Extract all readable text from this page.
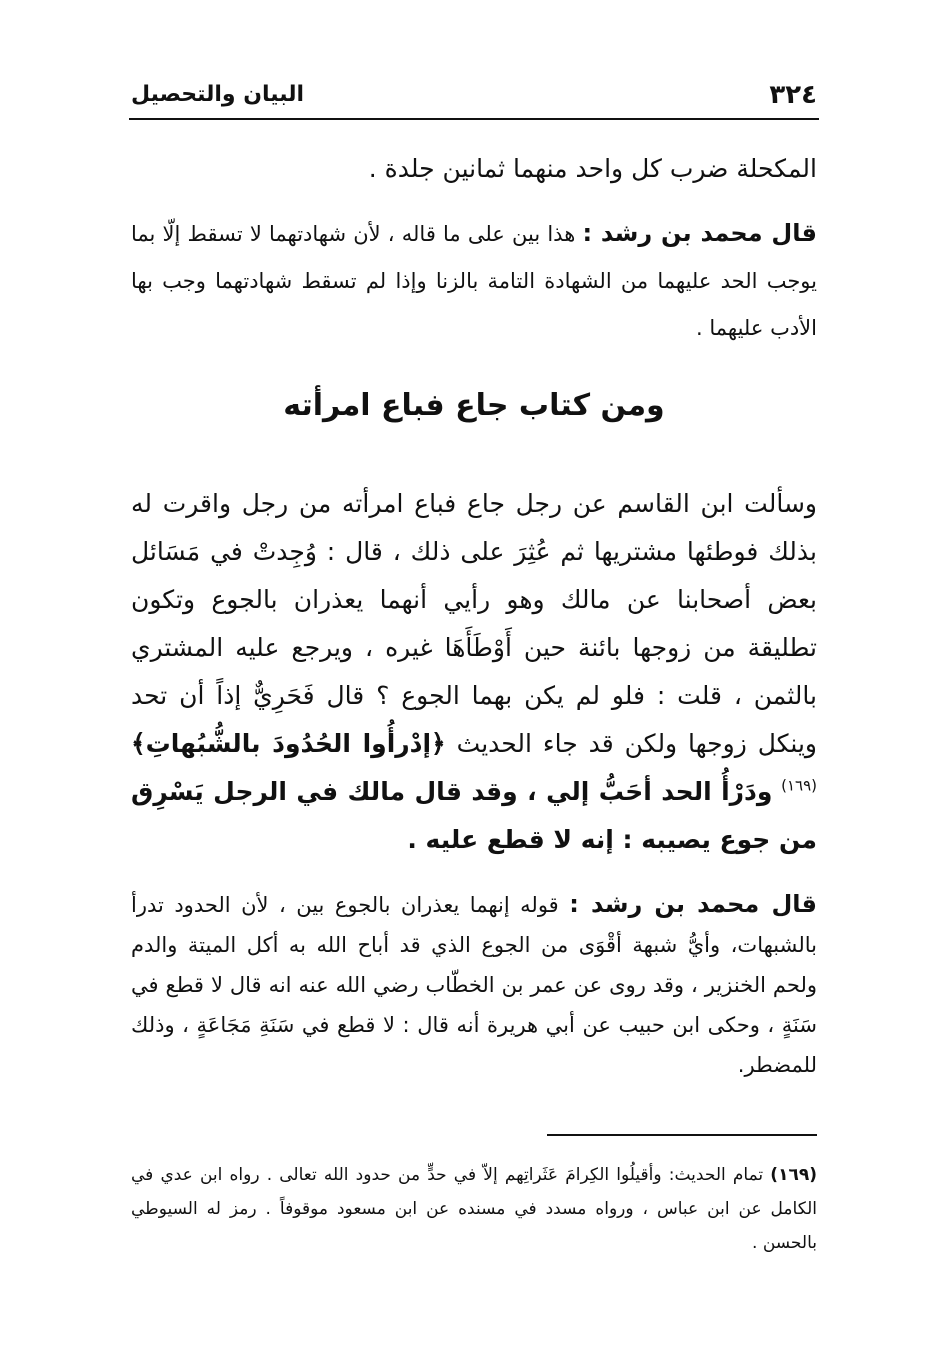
٣٢٤
البيان والتحصيل
المكحلة ضرب كل واحد منهما ثمانين جلدة .
قال محمد بن رشد : هذا بين على ما قاله ، لأن شهادتهما لا تسقط إلّا بما يوجب الحد عليهما من الشهادة التامة بالزنا وإذا لم تسقط شهادتهما وجب بها الأدب عليهما .
ومن كتاب جاع فباع امرأته
وسألت ابن القاسم عن رجل جاع فباع امرأته من رجل واقرت له بذلك فوطئها مشتريها ثم عُثِرَ على ذلك ، قال : وُجِدتْ في مَسَائل بعض أصحابنا عن مالك وهو رأيي أنهما يعذران بالجوع وتكون تطليقة من زوجها بائنة حين أَوْطَأَهَا غيره ، ويرجع عليه المشتري بالثمن ، قلت : فلو لم يكن بهما الجوع ؟ قال فَحَرِيٌّ إذاً أن تحد وينكل زوجها ولكن قد جاء الحديث ﴿إدْرأُوا الحُدُودَ بالشُّبُهاتِ﴾$^{(١٦٩)}$ ودَرْأُ الحد أحَبُّ إلي ، وقد قال مالك في الرجل يَسْرِق من جوع يصيبه : إنه لا قطع عليه .
قال محمد بن رشد : قوله إنهما يعذران بالجوع بين ، لأن الحدود تدرأ بالشبهات، وأيُّ شبهة أقْوَى من الجوع الذي قد أباح الله به أكل الميتة والدم ولحم الخنزير ، وقد روى عن عمر بن الخطّاب رضي الله عنه انه قال لا قطع في سَنَةٍ ، وحكى ابن حبيب عن أبي هريرة أنه قال : لا قطع في سَنَةِ مَجَاعَةٍ ، وذلك للمضطر.
(١٦٩) تمام الحديث: وأقيلُوا الكِرامَ عَثَراتِهم إلاّ في حدٍّ من حدود الله تعالى . رواه ابن عدي في الكامل عن ابن عباس ، ورواه مسدد في مسنده عن ابن مسعود موقوفاً . رمز له السيوطي بالحسن .
